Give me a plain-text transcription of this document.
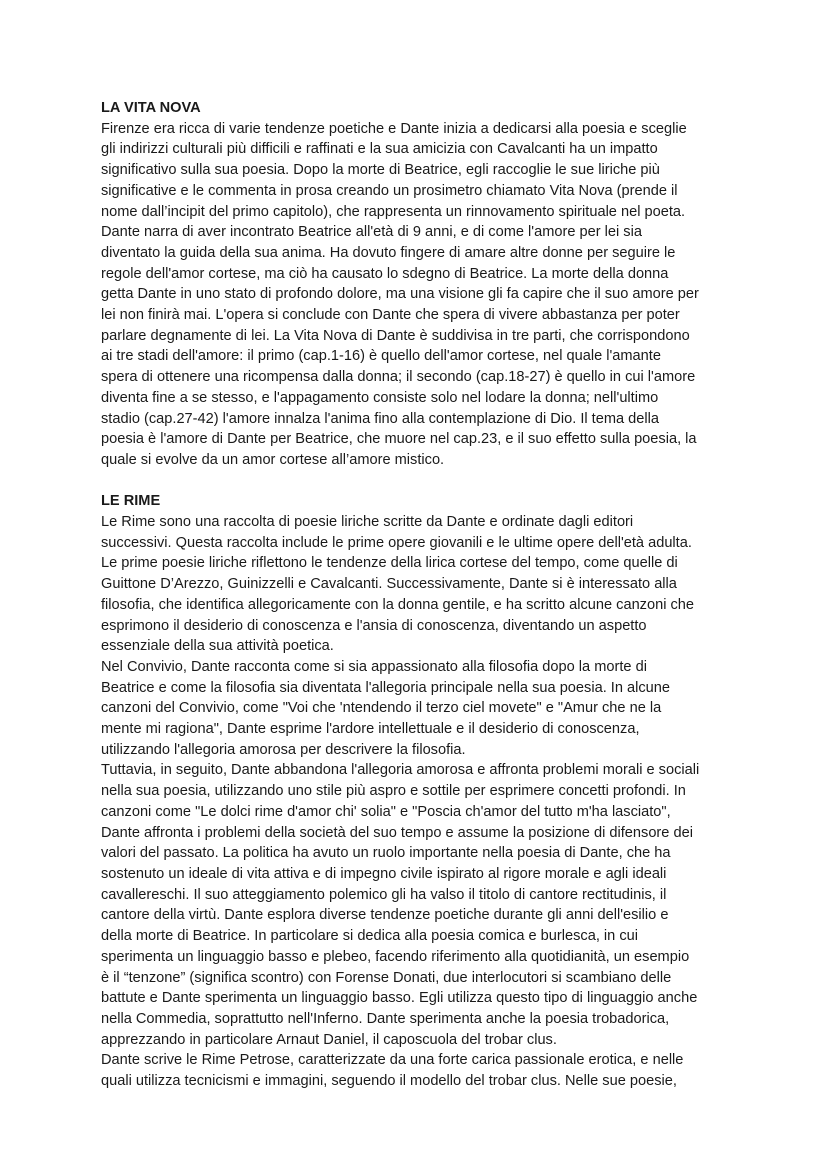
LA VITA NOVA
Firenze era ricca di varie tendenze poetiche e Dante inizia a dedicarsi alla poesia e sceglie
gli indirizzi culturali più difficili e raffinati e la sua amicizia con Cavalcanti ha un impatto
significativo sulla sua poesia. Dopo la morte di Beatrice, egli raccoglie le sue liriche più
significative e le commenta in prosa creando un prosimetro chiamato Vita Nova (prende il
nome dall’incipit del primo capitolo), che rappresenta un rinnovamento spirituale nel poeta.
Dante narra di aver incontrato Beatrice all'età di 9 anni, e di come l'amore per lei sia
diventato la guida della sua anima. Ha dovuto fingere di amare altre donne per seguire le
regole dell'amor cortese, ma ciò ha causato lo sdegno di Beatrice. La morte della donna
getta Dante in uno stato di profondo dolore, ma una visione gli fa capire che il suo amore per
lei non finirà mai. L'opera si conclude con Dante che spera di vivere abbastanza per poter
parlare degnamente di lei. La Vita Nova di Dante è suddivisa in tre parti, che corrispondono
ai tre stadi dell'amore: il primo (cap.1-16) è quello dell'amor cortese, nel quale l'amante
spera di ottenere una ricompensa dalla donna; il secondo (cap.18-27) è quello in cui l'amore
diventa fine a se stesso, e l'appagamento consiste solo nel lodare la donna; nell'ultimo
stadio (cap.27-42) l'amore innalza l'anima fino alla contemplazione di Dio. Il tema della
poesia è l'amore di Dante per Beatrice, che muore nel cap.23, e il suo effetto sulla poesia, la
quale si evolve da un amor cortese all’amore mistico.
LE RIME
Le Rime sono una raccolta di poesie liriche scritte da Dante e ordinate dagli editori
successivi. Questa raccolta include le prime opere giovanili e le ultime opere dell'età adulta.
Le prime poesie liriche riflettono le tendenze della lirica cortese del tempo, come quelle di
Guittone D’Arezzo, Guinizzelli e Cavalcanti. Successivamente, Dante si è interessato alla
filosofia, che identifica allegoricamente con la donna gentile, e ha scritto alcune canzoni che
esprimono il desiderio di conoscenza e l'ansia di conoscenza, diventando un aspetto
essenziale della sua attività poetica.
Nel Convivio, Dante racconta come si sia appassionato alla filosofia dopo la morte di
Beatrice e come la filosofia sia diventata l'allegoria principale nella sua poesia. In alcune
canzoni del Convivio, come "Voi che 'ntendendo il terzo ciel movete" e "Amur che ne la
mente mi ragiona", Dante esprime l'ardore intellettuale e il desiderio di conoscenza,
utilizzando l'allegoria amorosa per descrivere la filosofia.
Tuttavia, in seguito, Dante abbandona l'allegoria amorosa e affronta problemi morali e sociali
nella sua poesia, utilizzando uno stile più aspro e sottile per esprimere concetti profondi. In
canzoni come "Le dolci rime d'amor chi' solia" e "Poscia ch'amor del tutto m'ha lasciato",
Dante affronta i problemi della società del suo tempo e assume la posizione di difensore dei
valori del passato. La politica ha avuto un ruolo importante nella poesia di Dante, che ha
sostenuto un ideale di vita attiva e di impegno civile ispirato al rigore morale e agli ideali
cavallereschi. Il suo atteggiamento polemico gli ha valso il titolo di cantore rectitudinis, il
cantore della virtù. Dante esplora diverse tendenze poetiche durante gli anni dell'esilio e
della morte di Beatrice. In particolare si dedica alla poesia comica e burlesca, in cui
sperimenta un linguaggio basso e plebeo, facendo riferimento alla quotidianità, un esempio
è il “tenzone” (significa scontro) con Forense Donati, due interlocutori si scambiano delle
battute e Dante sperimenta un linguaggio basso. Egli utilizza questo tipo di linguaggio anche
nella Commedia, soprattutto nell'Inferno. Dante sperimenta anche la poesia trobadorica,
apprezzando in particolare Arnaut Daniel, il caposcuola del trobar clus.
Dante scrive le Rime Petrose, caratterizzate da una forte carica passionale erotica, e nelle
quali utilizza tecnicismi e immagini, seguendo il modello del trobar clus. Nelle sue poesie,
